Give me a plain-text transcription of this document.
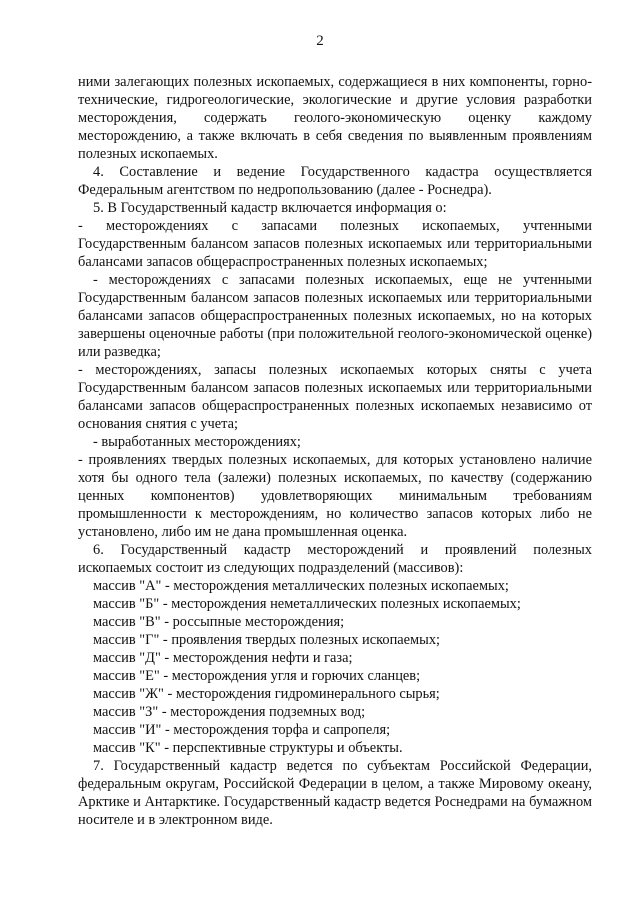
2
ними залегающих полезных ископаемых, содержащиеся в них компоненты, горно-
технические, гидрогеологические, экологические и другие условия разработки
месторождения, содержать геолого-экономическую оценку каждому
месторождению, а также включать в себя сведения по выявленным проявлениям
полезных ископаемых.
4. Составление и ведение Государственного кадастра осуществляется
Федеральным агентством по недропользованию (далее - Роснедра).
5. В Государственный кадастр включается информация о:
- месторождениях с запасами полезных ископаемых, учтенными
Государственным балансом запасов полезных ископаемых или территориальными
балансами запасов общераспространенных полезных ископаемых;
- месторождениях с запасами полезных ископаемых, еще не учтенными
Государственным балансом запасов полезных ископаемых или территориальными
балансами запасов общераспространенных полезных ископаемых, но на которых
завершены оценочные работы (при положительной геолого-экономической оценке)
или разведка;
- месторождениях, запасы полезных ископаемых которых сняты с учета
Государственным балансом запасов полезных ископаемых или территориальными
балансами запасов общераспространенных полезных ископаемых независимо от
основания снятия с учета;
- выработанных месторождениях;
- проявлениях твердых полезных ископаемых, для которых установлено наличие
хотя бы одного тела (залежи) полезных ископаемых, по качеству (содержанию
ценных компонентов) удовлетворяющих минимальным требованиям
промышленности к месторождениям, но количество запасов которых либо не
установлено, либо им не дана промышленная оценка.
6. Государственный кадастр месторождений и проявлений полезных
ископаемых состоит из следующих подразделений (массивов):
массив "А" - месторождения металлических полезных ископаемых;
массив "Б" - месторождения неметаллических полезных ископаемых;
массив "В" - россыпные месторождения;
массив "Г" - проявления твердых полезных ископаемых;
массив "Д" - месторождения нефти и газа;
массив "Е" - месторождения угля и горючих сланцев;
массив "Ж" - месторождения гидроминерального сырья;
массив "З" - месторождения подземных вод;
массив "И" - месторождения торфа и сапропеля;
массив "К" - перспективные структуры и объекты.
7. Государственный кадастр ведется по субъектам Российской Федерации,
федеральным округам, Российской Федерации в целом, а также Мировому океану,
Арктике и Антарктике. Государственный кадастр ведется Роснедрами на бумажном
носителе и в электронном виде.
